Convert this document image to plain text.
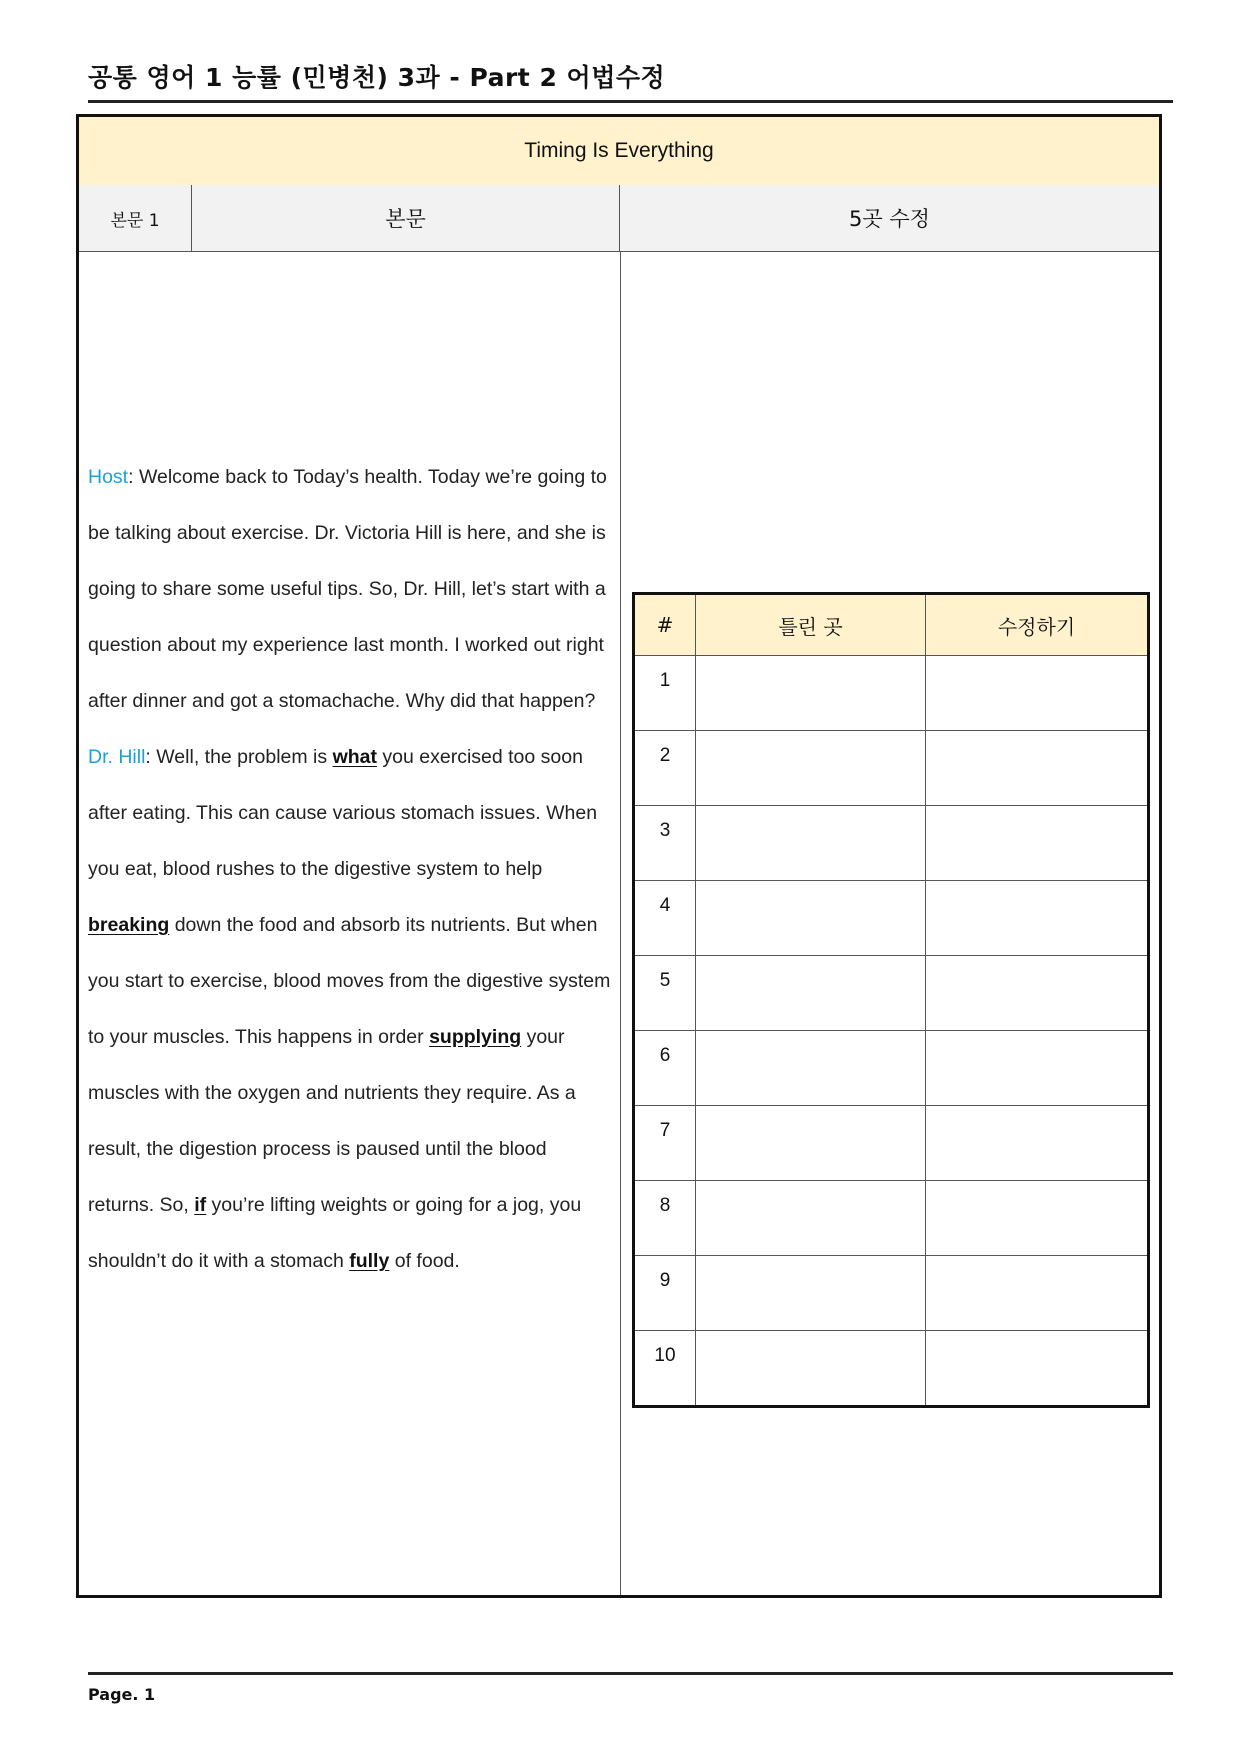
공통 영어 1 능률 (민병천) 3과 - Part 2 어법수정
Timing Is Everything
본문 1	본문	5곳 수정

Host: Welcome back to Today’s health. Today we’re going to be talking about exercise. Dr. Victoria Hill is here, and she is going to share some useful tips. So, Dr. Hill, let’s start with a question about my experience last month. I worked out right after dinner and got a stomachache. Why did that happen?

Dr. Hill: Well, the problem is what you exercised too soon after eating. This can cause various stomach issues. When you eat, blood rushes to the digestive system to help breaking down the food and absorb its nutrients. But when you start to exercise, blood moves from the digestive system to your muscles. This happens in order supplying your muscles with the oxygen and nutrients they require. As a result, the digestion process is paused until the blood returns. So, if you’re lifting weights or going for a jog, you shouldn’t do it with a stomach fully of food.

#	틀린 곳	수정하기
1		
2		
3		
4		
5		
6		
7		
8		
9		
10		
Page. 1
